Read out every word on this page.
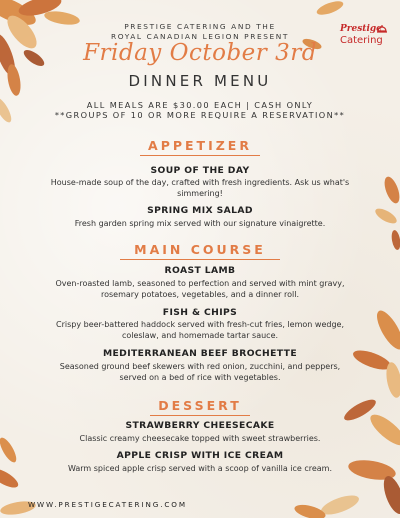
PRESTIGE CATERING AND THE
ROYAL CANADIAN LEGION PRESENT
Friday October 3rd
DINNER MENU
ALL MEALS ARE $30.00 EACH | CASH ONLY
**GROUPS OF 10 OR MORE REQUIRE A RESERVATION**
Prestige
Catering
APPETIZER
SOUP OF THE DAY
House-made soup of the day, crafted with fresh ingredients. Ask us what's simmering!
SPRING MIX SALAD
Fresh garden spring mix served with our signature vinaigrette.
MAIN COURSE
ROAST LAMB
Oven-roasted lamb, seasoned to perfection and served with mint gravy, rosemary potatoes, vegetables, and a dinner roll.
FISH & CHIPS
Crispy beer-battered haddock served with fresh-cut fries, lemon wedge, coleslaw, and homemade tartar sauce.
MEDITERRANEAN BEEF BROCHETTE
Seasoned ground beef skewers with red onion, zucchini, and peppers, served on a bed of rice with vegetables.
DESSERT
STRAWBERRY CHEESECAKE
Classic creamy cheesecake topped with sweet strawberries.
APPLE CRISP WITH ICE CREAM
Warm spiced apple crisp served with a scoop of vanilla ice cream.
WWW.PRESTIGECATERING.COM
